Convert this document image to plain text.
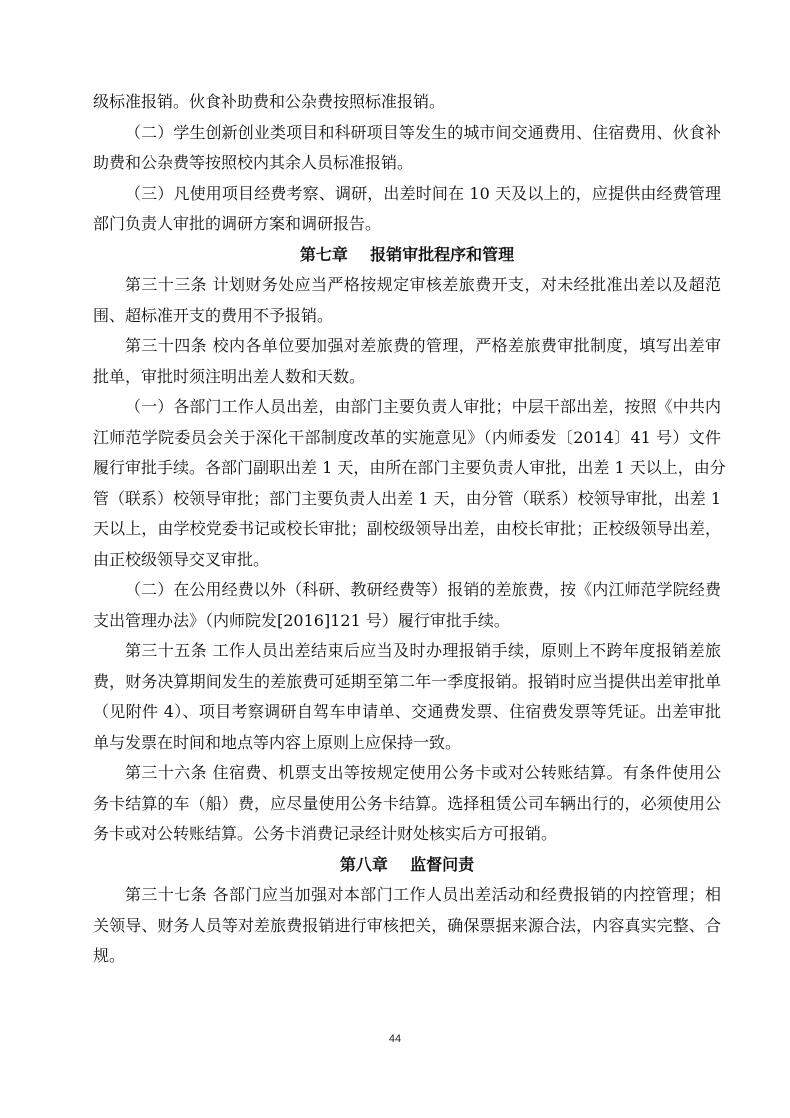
级标准报销。伙食补助费和公杂费按照标准报销。
（二）学生创新创业类项目和科研项目等发生的城市间交通费用、住宿费用、伙食补
助费和公杂费等按照校内其余人员标准报销。
（三）凡使用项目经费考察、调研，出差时间在 10 天及以上的，应提供由经费管理
部门负责人审批的调研方案和调研报告。
第七章    报销审批程序和管理
第三十三条 计划财务处应当严格按规定审核差旅费开支，对未经批准出差以及超范
围、超标准开支的费用不予报销。
第三十四条 校内各单位要加强对差旅费的管理，严格差旅费审批制度，填写出差审
批单，审批时须注明出差人数和天数。
（一）各部门工作人员出差，由部门主要负责人审批；中层干部出差，按照《中共内
江师范学院委员会关于深化干部制度改革的实施意见》（内师委发〔2014〕41 号）文件
履行审批手续。各部门副职出差 1 天，由所在部门主要负责人审批，出差 1 天以上，由分
管（联系）校领导审批；部门主要负责人出差 1 天，由分管（联系）校领导审批，出差 1
天以上，由学校党委书记或校长审批；副校级领导出差，由校长审批；正校级领导出差，
由正校级领导交叉审批。
（二）在公用经费以外（科研、教研经费等）报销的差旅费，按《内江师范学院经费
支出管理办法》（内师院发[2016]121 号）履行审批手续。
第三十五条 工作人员出差结束后应当及时办理报销手续，原则上不跨年度报销差旅
费，财务决算期间发生的差旅费可延期至第二年一季度报销。报销时应当提供出差审批单
（见附件 4）、项目考察调研自驾车申请单、交通费发票、住宿费发票等凭证。出差审批
单与发票在时间和地点等内容上原则上应保持一致。
第三十六条 住宿费、机票支出等按规定使用公务卡或对公转账结算。有条件使用公
务卡结算的车（船）费，应尽量使用公务卡结算。选择租赁公司车辆出行的，必须使用公
务卡或对公转账结算。公务卡消费记录经计财处核实后方可报销。
第八章    监督问责
第三十七条 各部门应当加强对本部门工作人员出差活动和经费报销的内控管理；相
关领导、财务人员等对差旅费报销进行审核把关，确保票据来源合法，内容真实完整、合
规。
44
